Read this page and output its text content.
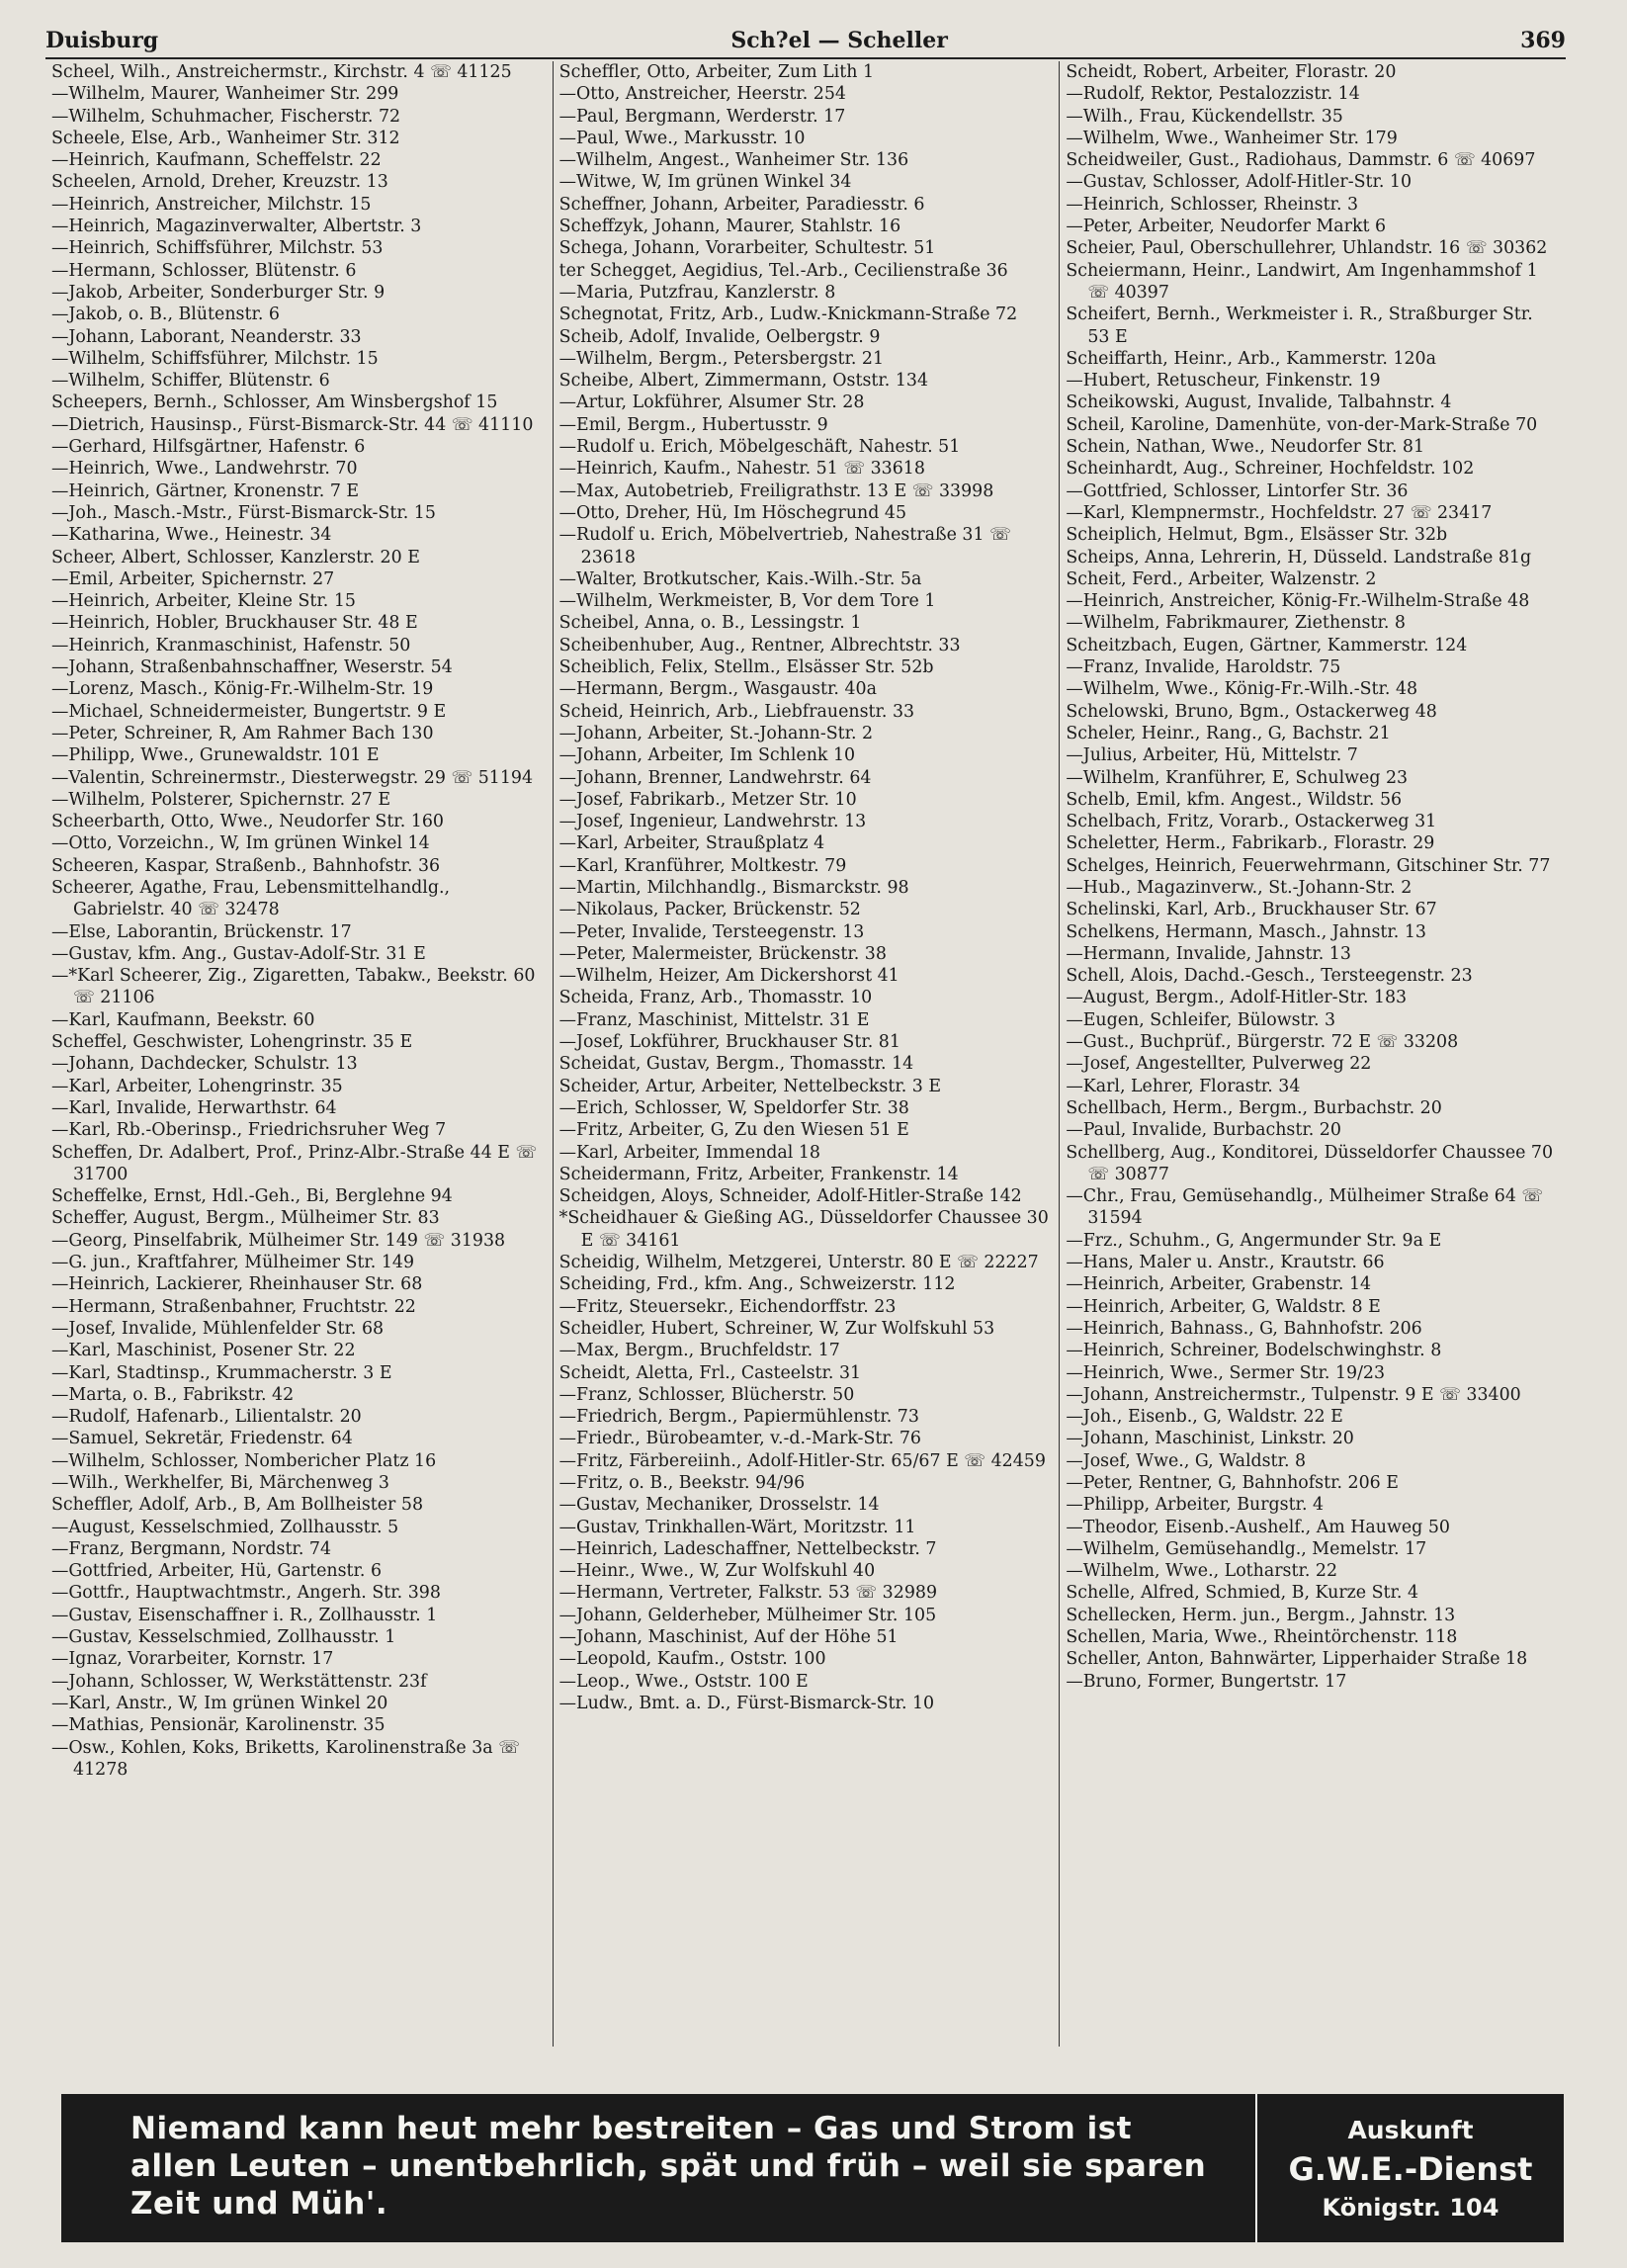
Duisburg	Sch?el — Scheller	369

Scheel, Wilh., Anstreichermstr., Kirchstr. 4 ☏ 41125

—Wilhelm, Maurer, Wanheimer Str. 299

—Wilhelm, Schuhmacher, Fischerstr. 72

Scheele, Else, Arb., Wanheimer Str. 312

—Heinrich, Kaufmann, Scheffelstr. 22

Scheelen, Arnold, Dreher, Kreuzstr. 13

—Heinrich, Anstreicher, Milchstr. 15

—Heinrich, Magazinverwalter, Albertstr. 3

—Heinrich, Schiffsführer, Milchstr. 53

—Hermann, Schlosser, Blütenstr. 6

—Jakob, Arbeiter, Sonderburger Str. 9

—Jakob, o. B., Blütenstr. 6

—Johann, Laborant, Neanderstr. 33

—Wilhelm, Schiffsführer, Milchstr. 15

—Wilhelm, Schiffer, Blütenstr. 6

Scheepers, Bernh., Schlosser, Am Winsbergshof 15

—Dietrich, Hausinsp., Fürst-Bismarck-Str. 44 ☏ 41110

—Gerhard, Hilfsgärtner, Hafenstr. 6

—Heinrich, Wwe., Landwehrstr. 70

—Heinrich, Gärtner, Kronenstr. 7 E

—Joh., Masch.-Mstr., Fürst-Bismarck-Str. 15

—Katharina, Wwe., Heinestr. 34

Scheer, Albert, Schlosser, Kanzlerstr. 20 E

—Emil, Arbeiter, Spichernstr. 27

—Heinrich, Arbeiter, Kleine Str. 15

—Heinrich, Hobler, Bruckhauser Str. 48 E

—Heinrich, Kranmaschinist, Hafenstr. 50

—Johann, Straßenbahnschaffner, Weserstr. 54

—Lorenz, Masch., König-Fr.-Wilhelm-Str. 19

—Michael, Schneidermeister, Bungertstr. 9 E

—Peter, Schreiner, R, Am Rahmer Bach 130

—Philipp, Wwe., Grunewaldstr. 101 E

—Valentin, Schreinermstr., Diesterwegstr. 29 ☏ 51194

—Wilhelm, Polsterer, Spichernstr. 27 E

Scheerbarth, Otto, Wwe., Neudorfer Str. 160

—Otto, Vorzeichn., W, Im grünen Winkel 14

Scheeren, Kaspar, Straßenb., Bahnhofstr. 36

Scheerer, Agathe, Frau, Lebensmittelhandlg., Gabrielstr. 40 ☏ 32478

—Else, Laborantin, Brückenstr. 17

—Gustav, kfm. Ang., Gustav-Adolf-Str. 31 E

—*Karl Scheerer, Zig., Zigaretten, Tabakw., Beekstr. 60 ☏ 21106

—Karl, Kaufmann, Beekstr. 60

Scheffel, Geschwister, Lohengrinstr. 35 E

—Johann, Dachdecker, Schulstr. 13

—Karl, Arbeiter, Lohengrinstr. 35

—Karl, Invalide, Herwarthstr. 64

—Karl, Rb.-Oberinsp., Friedrichsruher Weg 7

Scheffen, Dr. Adalbert, Prof., Prinz-Albr.-Straße 44 E ☏ 31700

Scheffelke, Ernst, Hdl.-Geh., Bi, Berglehne 94

Scheffer, August, Bergm., Mülheimer Str. 83

—Georg, Pinselfabrik, Mülheimer Str. 149 ☏ 31938

—G. jun., Kraftfahrer, Mülheimer Str. 149

—Heinrich, Lackierer, Rheinhauser Str. 68

—Hermann, Straßenbahner, Fruchtstr. 22

—Josef, Invalide, Mühlenfelder Str. 68

—Karl, Maschinist, Posener Str. 22

—Karl, Stadtinsp., Krummacherstr. 3 E

—Marta, o. B., Fabrikstr. 42

—Rudolf, Hafenarb., Lilientalstr. 20

—Samuel, Sekretär, Friedenstr. 64

—Wilhelm, Schlosser, Nombericher Platz 16

—Wilh., Werkhelfer, Bi, Märchenweg 3

Scheffler, Adolf, Arb., B, Am Bollheister 58

—August, Kesselschmied, Zollhausstr. 5

—Franz, Bergmann, Nordstr. 74

—Gottfried, Arbeiter, Hü, Gartenstr. 6

—Gottfr., Hauptwachtmstr., Angerh. Str. 398

—Gustav, Eisenschaffner i. R., Zollhausstr. 1

—Gustav, Kesselschmied, Zollhausstr. 1

—Ignaz, Vorarbeiter, Kornstr. 17

—Johann, Schlosser, W, Werkstättenstr. 23f

—Karl, Anstr., W, Im grünen Winkel 20

—Mathias, Pensionär, Karolinenstr. 35

—Osw., Kohlen, Koks, Briketts, Karolinenstraße 3a ☏ 41278

Scheffler, Otto, Arbeiter, Zum Lith 1

—Otto, Anstreicher, Heerstr. 254

—Paul, Bergmann, Werderstr. 17

—Paul, Wwe., Markusstr. 10

—Wilhelm, Angest., Wanheimer Str. 136

—Witwe, W, Im grünen Winkel 34

Scheffner, Johann, Arbeiter, Paradiesstr. 6

Scheffzyk, Johann, Maurer, Stahlstr. 16

Schega, Johann, Vorarbeiter, Schultestr. 51

ter Schegget, Aegidius, Tel.-Arb., Cecilienstraße 36

—Maria, Putzfrau, Kanzlerstr. 8

Schegnotat, Fritz, Arb., Ludw.-Knickmann-Straße 72

Scheib, Adolf, Invalide, Oelbergstr. 9

—Wilhelm, Bergm., Petersbergstr. 21

Scheibe, Albert, Zimmermann, Oststr. 134

—Artur, Lokführer, Alsumer Str. 28

—Emil, Bergm., Hubertusstr. 9

—Rudolf u. Erich, Möbelgeschäft, Nahestr. 51

—Heinrich, Kaufm., Nahestr. 51 ☏ 33618

—Max, Autobetrieb, Freiligrathstr. 13 E ☏ 33998

—Otto, Dreher, Hü, Im Höschegrund 45

—Rudolf u. Erich, Möbelvertrieb, Nahestraße 31 ☏ 23618

—Walter, Brotkutscher, Kais.-Wilh.-Str. 5a

—Wilhelm, Werkmeister, B, Vor dem Tore 1

Scheibel, Anna, o. B., Lessingstr. 1

Scheibenhuber, Aug., Rentner, Albrechtstr. 33

Scheiblich, Felix, Stellm., Elsässer Str. 52b

—Hermann, Bergm., Wasgaustr. 40a

Scheid, Heinrich, Arb., Liebfrauenstr. 33

—Johann, Arbeiter, St.-Johann-Str. 2

—Johann, Arbeiter, Im Schlenk 10

—Johann, Brenner, Landwehrstr. 64

—Josef, Fabrikarb., Metzer Str. 10

—Josef, Ingenieur, Landwehrstr. 13

—Karl, Arbeiter, Straußplatz 4

—Karl, Kranführer, Moltkestr. 79

—Martin, Milchhandlg., Bismarckstr. 98

—Nikolaus, Packer, Brückenstr. 52

—Peter, Invalide, Tersteegenstr. 13

—Peter, Malermeister, Brückenstr. 38

—Wilhelm, Heizer, Am Dickershorst 41

Scheida, Franz, Arb., Thomasstr. 10

—Franz, Maschinist, Mittelstr. 31 E

—Josef, Lokführer, Bruckhauser Str. 81

Scheidat, Gustav, Bergm., Thomasstr. 14

Scheider, Artur, Arbeiter, Nettelbeckstr. 3 E

—Erich, Schlosser, W, Speldorfer Str. 38

—Fritz, Arbeiter, G, Zu den Wiesen 51 E

—Karl, Arbeiter, Immendal 18

Scheidermann, Fritz, Arbeiter, Frankenstr. 14

Scheidgen, Aloys, Schneider, Adolf-Hitler-Straße 142

*Scheidhauer & Gießing AG., Düsseldorfer Chaussee 30 E ☏ 34161

Scheidig, Wilhelm, Metzgerei, Unterstr. 80 E ☏ 22227

Scheiding, Frd., kfm. Ang., Schweizerstr. 112

—Fritz, Steuersekr., Eichendorffstr. 23

Scheidler, Hubert, Schreiner, W, Zur Wolfskuhl 53

—Max, Bergm., Bruchfeldstr. 17

Scheidt, Aletta, Frl., Casteelstr. 31

—Franz, Schlosser, Blücherstr. 50

—Friedrich, Bergm., Papiermühlenstr. 73

—Friedr., Bürobeamter, v.-d.-Mark-Str. 76

—Fritz, Färbereiinh., Adolf-Hitler-Str. 65/67 E ☏ 42459

—Fritz, o. B., Beekstr. 94/96

—Gustav, Mechaniker, Drosselstr. 14

—Gustav, Trinkhallen-Wärt, Moritzstr. 11

—Heinrich, Ladeschaffner, Nettelbeckstr. 7

—Heinr., Wwe., W, Zur Wolfskuhl 40

—Hermann, Vertreter, Falkstr. 53 ☏ 32989

—Johann, Gelderheber, Mülheimer Str. 105

—Johann, Maschinist, Auf der Höhe 51

—Leopold, Kaufm., Oststr. 100

—Leop., Wwe., Oststr. 100 E

—Ludw., Bmt. a. D., Fürst-Bismarck-Str. 10

Scheidt, Robert, Arbeiter, Florastr. 20

—Rudolf, Rektor, Pestalozzistr. 14

—Wilh., Frau, Kückendellstr. 35

—Wilhelm, Wwe., Wanheimer Str. 179

Scheidweiler, Gust., Radiohaus, Dammstr. 6 ☏ 40697

—Gustav, Schlosser, Adolf-Hitler-Str. 10

—Heinrich, Schlosser, Rheinstr. 3

—Peter, Arbeiter, Neudorfer Markt 6

Scheier, Paul, Oberschullehrer, Uhlandstr. 16 ☏ 30362

Scheiermann, Heinr., Landwirt, Am Ingenhammshof 1 ☏ 40397

Scheifert, Bernh., Werkmeister i. R., Straßburger Str. 53 E

Scheiffarth, Heinr., Arb., Kammerstr. 120a

—Hubert, Retuscheur, Finkenstr. 19

Scheikowski, August, Invalide, Talbahnstr. 4

Scheil, Karoline, Damenhüte, von-der-Mark-Straße 70

Schein, Nathan, Wwe., Neudorfer Str. 81

Scheinhardt, Aug., Schreiner, Hochfeldstr. 102

—Gottfried, Schlosser, Lintorfer Str. 36

—Karl, Klempnermstr., Hochfeldstr. 27 ☏ 23417

Scheiplich, Helmut, Bgm., Elsässer Str. 32b

Scheips, Anna, Lehrerin, H, Düsseld. Landstraße 81g

Scheit, Ferd., Arbeiter, Walzenstr. 2

—Heinrich, Anstreicher, König-Fr.-Wilhelm-Straße 48

—Wilhelm, Fabrikmaurer, Ziethenstr. 8

Scheitzbach, Eugen, Gärtner, Kammerstr. 124

—Franz, Invalide, Haroldstr. 75

—Wilhelm, Wwe., König-Fr.-Wilh.-Str. 48

Schelowski, Bruno, Bgm., Ostackerweg 48

Scheler, Heinr., Rang., G, Bachstr. 21

—Julius, Arbeiter, Hü, Mittelstr. 7

—Wilhelm, Kranführer, E, Schulweg 23

Schelb, Emil, kfm. Angest., Wildstr. 56

Schelbach, Fritz, Vorarb., Ostackerweg 31

Scheletter, Herm., Fabrikarb., Florastr. 29

Schelges, Heinrich, Feuerwehrmann, Gitschiner Str. 77

—Hub., Magazinverw., St.-Johann-Str. 2

Schelinski, Karl, Arb., Bruckhauser Str. 67

Schelkens, Hermann, Masch., Jahnstr. 13

—Hermann, Invalide, Jahnstr. 13

Schell, Alois, Dachd.-Gesch., Tersteegenstr. 23

—August, Bergm., Adolf-Hitler-Str. 183

—Eugen, Schleifer, Bülowstr. 3

—Gust., Buchprüf., Bürgerstr. 72 E ☏ 33208

—Josef, Angestellter, Pulverweg 22

—Karl, Lehrer, Florastr. 34

Schellbach, Herm., Bergm., Burbachstr. 20

—Paul, Invalide, Burbachstr. 20

Schellberg, Aug., Konditorei, Düsseldorfer Chaussee 70 ☏ 30877

—Chr., Frau, Gemüsehandlg., Mülheimer Straße 64 ☏ 31594

—Frz., Schuhm., G, Angermunder Str. 9a E

—Hans, Maler u. Anstr., Krautstr. 66

—Heinrich, Arbeiter, Grabenstr. 14

—Heinrich, Arbeiter, G, Waldstr. 8 E

—Heinrich, Bahnass., G, Bahnhofstr. 206

—Heinrich, Schreiner, Bodelschwinghstr. 8

—Heinrich, Wwe., Sermer Str. 19/23

—Johann, Anstreichermstr., Tulpenstr. 9 E ☏ 33400

—Joh., Eisenb., G, Waldstr. 22 E

—Johann, Maschinist, Linkstr. 20

—Josef, Wwe., G, Waldstr. 8

—Peter, Rentner, G, Bahnhofstr. 206 E

—Philipp, Arbeiter, Burgstr. 4

—Theodor, Eisenb.-Aushelf., Am Hauweg 50

—Wilhelm, Gemüsehandlg., Memelstr. 17

—Wilhelm, Wwe., Lotharstr. 22

Schelle, Alfred, Schmied, B, Kurze Str. 4

Schellecken, Herm. jun., Bergm., Jahnstr. 13

Schellen, Maria, Wwe., Rheintörchenstr. 118

Scheller, Anton, Bahnwärter, Lipperhaider Straße 18

—Bruno, Former, Bungertstr. 17

Niemand kann heut mehr bestreiten – Gas und Strom ist allen Leuten – unentbehrlich, spät und früh – weil sie sparen Zeit und Müh'.
Auskunft
G.W.E.-Dienst
Königstr. 104
